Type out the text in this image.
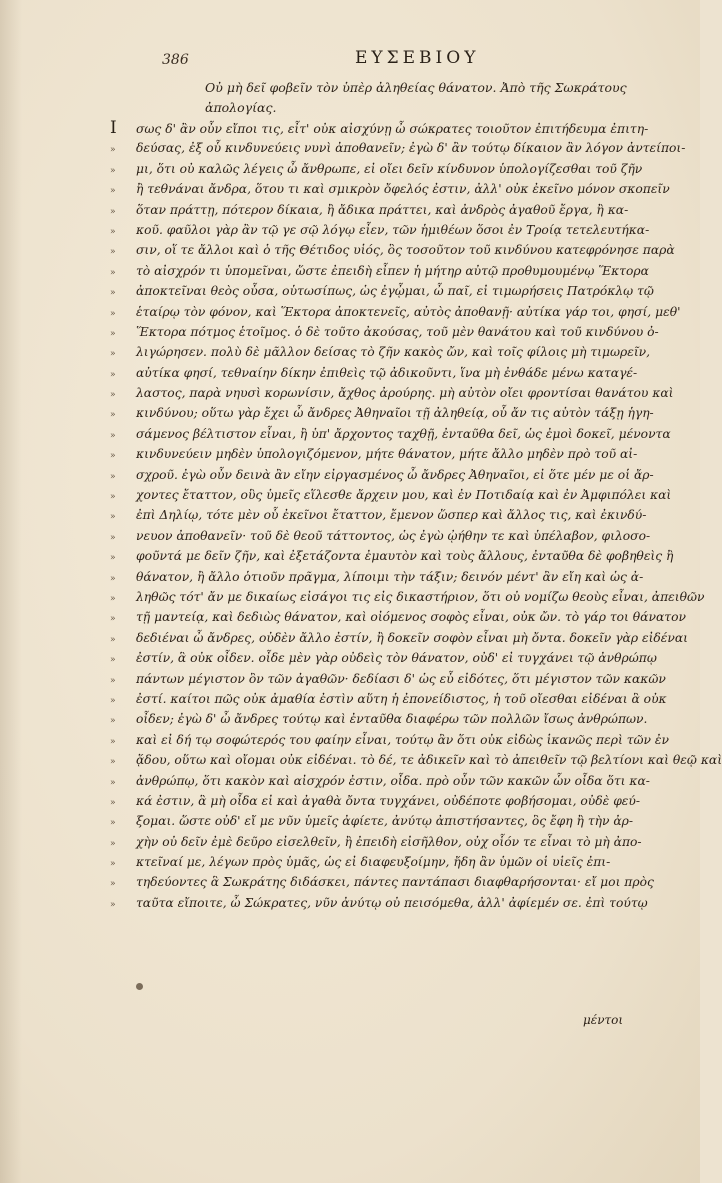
386	ΕΥΣΕΒΙΟΥ
Οὐ μὴ δεῖ φοβεῖν τὸν ὑπὲρ ἀληθείας θάνατον. Ἀπὸ τῆς Σωκράτους ἀπολογίας.
Ι	σως δ' ἂν οὖν εἴποι τις, εἶτ' οὐκ αἰσχύνῃ ὦ σώκρατες τοιοῦτον ἐπιτήδευμα ἐπιτη-
»	δεύσας, ἐξ οὗ κινδυνεύεις νυνὶ ἀποθανεῖν; ἐγὼ δ' ἂν τούτῳ δίκαιον ἂν λόγον ἀντείποι-
»	μι, ὅτι οὐ καλῶς λέγεις ὦ ἄνθρωπε, εἰ οἴει δεῖν κίνδυνον ὑπολογίζεσθαι τοῦ ζῆν
»	ἢ τεθνάναι ἄνδρα, ὅτου τι καὶ σμικρὸν ὄφελός ἐστιν, ἀλλ' οὐκ ἐκεῖνο μόνον σκοπεῖν
»	ὅταν πράττῃ, πότερον δίκαια, ἢ ἄδικα πράττει, καὶ ἀνδρὸς ἀγαθοῦ ἔργα, ἢ κα-
»	κοῦ. φαῦλοι γὰρ ἂν τῷ γε σῷ λόγῳ εἶεν, τῶν ἡμιθέων ὅσοι ἐν Τροίᾳ τετελευτήκα-
»	σιν, οἵ τε ἄλλοι καὶ ὁ τῆς Θέτιδος υἱός, ὃς τοσοῦτον τοῦ κινδύνου κατεφρόνησε παρὰ
»	τὸ αἰσχρόν τι ὑπομεῖναι, ὥστε ἐπειδὴ εἶπεν ἡ μήτηρ αὐτῷ προθυμουμένῳ Ἕκτορα
»	ἀποκτεῖναι θεὸς οὖσα, οὑτωσίπως, ὡς ἐγᾦμαι, ὦ παῖ, εἰ τιμωρήσεις Πατρόκλῳ τῷ
»	ἑταίρῳ τὸν φόνον, καὶ Ἕκτορα ἀποκτενεῖς, αὐτὸς ἀποθανῇ· αὐτίκα γάρ τοι, φησί, μεθ'
»	Ἕκτορα πότμος ἑτοῖμος. ὁ δὲ τοῦτο ἀκούσας, τοῦ μὲν θανάτου καὶ τοῦ κινδύνου ὀ-
»	λιγώρησεν. πολὺ δὲ μᾶλλον δείσας τὸ ζῆν κακὸς ὤν, καὶ τοῖς φίλοις μὴ τιμωρεῖν,
»	αὐτίκα φησί, τεθναίην δίκην ἐπιθεὶς τῷ ἀδικοῦντι, ἵνα μὴ ἐνθάδε μένω καταγέ-
»	λαστος, παρὰ νηυσὶ κορωνίσιν, ἄχθος ἀρούρης. μὴ αὐτὸν οἴει φροντίσαι θανάτου καὶ
»	κινδύνου; οὕτω γὰρ ἔχει ὦ ἄνδρες Ἀθηναῖοι τῇ ἀληθείᾳ, οὗ ἄν τις αὑτὸν τάξῃ ἡγη-
»	σάμενος βέλτιστον εἶναι, ἢ ὑπ' ἄρχοντος ταχθῇ, ἐνταῦθα δεῖ, ὡς ἐμοὶ δοκεῖ, μένοντα
»	κινδυνεύειν μηδὲν ὑπολογιζόμενον, μήτε θάνατον, μήτε ἄλλο μηδὲν πρὸ τοῦ αἰ-
»	σχροῦ. ἐγὼ οὖν δεινὰ ἂν εἴην εἰργασμένος ὦ ἄνδρες Ἀθηναῖοι, εἰ ὅτε μέν με οἱ ἄρ-
»	χοντες ἔταττον, οὓς ὑμεῖς εἵλεσθε ἄρχειν μου, καὶ ἐν Ποτιδαίᾳ καὶ ἐν Ἀμφιπόλει καὶ
»	ἐπὶ Δηλίῳ, τότε μὲν οὗ ἐκεῖνοι ἔταττον, ἔμενον ὥσπερ καὶ ἄλλος τις, καὶ ἐκινδύ-
»	νευον ἀποθανεῖν· τοῦ δὲ θεοῦ τάττοντος, ὡς ἐγὼ ᾠήθην τε καὶ ὑπέλαβον, φιλοσο-
»	φοῦντά με δεῖν ζῆν, καὶ ἐξετάζοντα ἐμαυτὸν καὶ τοὺς ἄλλους, ἐνταῦθα δὲ φοβηθεὶς ἢ
»	θάνατον, ἢ ἄλλο ὁτιοῦν πρᾶγμα, λίποιμι τὴν τάξιν; δεινόν μέντ' ἂν εἴη καὶ ὡς ἀ-
»	ληθῶς τότ' ἄν με δικαίως εἰσάγοι τις εἰς δικαστήριον, ὅτι οὐ νομίζω θεοὺς εἶναι, ἀπειθῶν
»	τῇ μαντείᾳ, καὶ δεδιὼς θάνατον, καὶ οἰόμενος σοφὸς εἶναι, οὐκ ὤν. τὸ γάρ τοι θάνατον
»	δεδιέναι ὦ ἄνδρες, οὐδὲν ἄλλο ἐστίν, ἢ δοκεῖν σοφὸν εἶναι μὴ ὄντα. δοκεῖν γὰρ εἰδέναι
»	ἐστίν, ἃ οὐκ οἶδεν. οἶδε μὲν γὰρ οὐδεὶς τὸν θάνατον, οὐδ' εἰ τυγχάνει τῷ ἀνθρώπῳ
»	πάντων μέγιστον ὂν τῶν ἀγαθῶν· δεδίασι δ' ὡς εὖ εἰδότες, ὅτι μέγιστον τῶν κακῶν
»	ἐστί. καίτοι πῶς οὐκ ἀμαθία ἐστὶν αὕτη ἡ ἐπονείδιστος, ἡ τοῦ οἴεσθαι εἰδέναι ἃ οὐκ
»	οἶδεν; ἐγὼ δ' ὦ ἄνδρες τούτῳ καὶ ἐνταῦθα διαφέρω τῶν πολλῶν ἴσως ἀνθρώπων.
»	καὶ εἰ δή τῳ σοφώτερός του φαίην εἶναι, τούτῳ ἂν ὅτι οὐκ εἰδὼς ἱκανῶς περὶ τῶν ἐν
»	ᾅδου, οὕτω καὶ οἴομαι οὐκ εἰδέναι. τὸ δέ, τε ἀδικεῖν καὶ τὸ ἀπειθεῖν τῷ βελτίονι καὶ θεῷ καὶ
»	ἀνθρώπῳ, ὅτι κακὸν καὶ αἰσχρόν ἐστιν, οἶδα. πρὸ οὖν τῶν κακῶν ὧν οἶδα ὅτι κα-
»	κά ἐστιν, ἃ μὴ οἶδα εἰ καὶ ἀγαθὰ ὄντα τυγχάνει, οὐδέποτε φοβήσομαι, οὐδὲ φεύ-
»	ξομαι. ὥστε οὐδ' εἴ με νῦν ὑμεῖς ἀφίετε, ἀνύτῳ ἀπιστήσαντες, ὃς ἔφη ἢ τὴν ἀρ-
»	χὴν οὐ δεῖν ἐμὲ δεῦρο εἰσελθεῖν, ἢ ἐπειδὴ εἰσῆλθον, οὐχ οἷόν τε εἶναι τὸ μὴ ἀπο-
»	κτεῖναί με, λέγων πρὸς ὑμᾶς, ὡς εἰ διαφευξοίμην, ἤδη ἂν ὑμῶν οἱ υἱεῖς ἐπι-
»	τηδεύοντες ἃ Σωκράτης διδάσκει, πάντες παντάπασι διαφθαρήσονται· εἴ μοι πρὸς
»	ταῦτα εἴποιτε, ὦ Σώκρατες, νῦν ἀνύτῳ οὐ πεισόμεθα, ἀλλ' ἀφίεμέν σε. ἐπὶ τούτῳ
μέντοι
